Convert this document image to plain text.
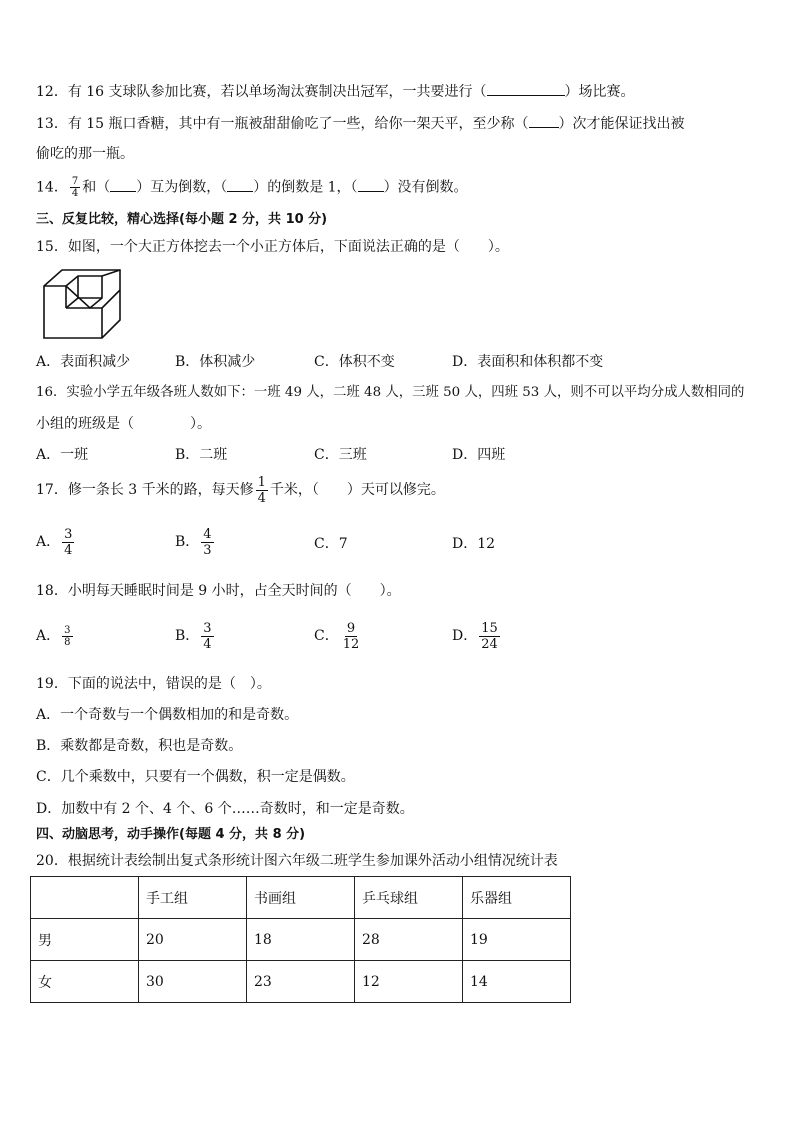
12．有 16 支球队参加比赛，若以单场淘汰赛制决出冠军，一共要进行（	）场比赛。
13．有 15 瓶口香糖，其中有一瓶被甜甜偷吃了一些，给你一架天平，至少称（ ）次才能保证找出被
偷吃的那一瓶。
14． $\frac{7}{4}$ 和（ ）互为倒数，（ ）的倒数是 1，（ ）没有倒数。
三、反复比较，精心选择(每小题 2 分，共 10 分)
15．如图，一个大正方体挖去一个小正方体后，下面说法正确的是（　　）。
A．表面积减少	B．体积减少	C．体积不变	D．表面积和体积都不变
16．实验小学五年级各班人数如下：一班 49 人，二班 48 人，三班 50 人，四班 53 人，则不可以平均分成人数相同的
小组的班级是（　　　　）。
A．一班	B．二班	C．三班	D．四班
17．修一条长 3 千米的路，每天修 $\frac{1}{4}$ 千米，（　　）天可以修完。
A． $\frac{3}{4}$	B． $\frac{4}{3}$	C．7	D．12
18．小明每天睡眠时间是 9 小时，占全天时间的（　　）。
A． $\frac{3}{8}$	B． $\frac{3}{4}$	C． $\frac{9}{12}$	D． $\frac{15}{24}$
19．下面的说法中，错误的是（　）。
A．一个奇数与一个偶数相加的和是奇数。
B．乘数都是奇数，积也是奇数。
C．几个乘数中，只要有一个偶数，积一定是偶数。
D．加数中有 2 个、4 个、6 个……奇数时，和一定是奇数。
四、动脑思考，动手操作(每题 4 分，共 8 分)
20．根据统计表绘制出复式条形统计图六年级二班学生参加课外活动小组情况统计表
	手工组	书画组	乒乓球组	乐器组
男	20	18	28	19
女	30	23	12	14
